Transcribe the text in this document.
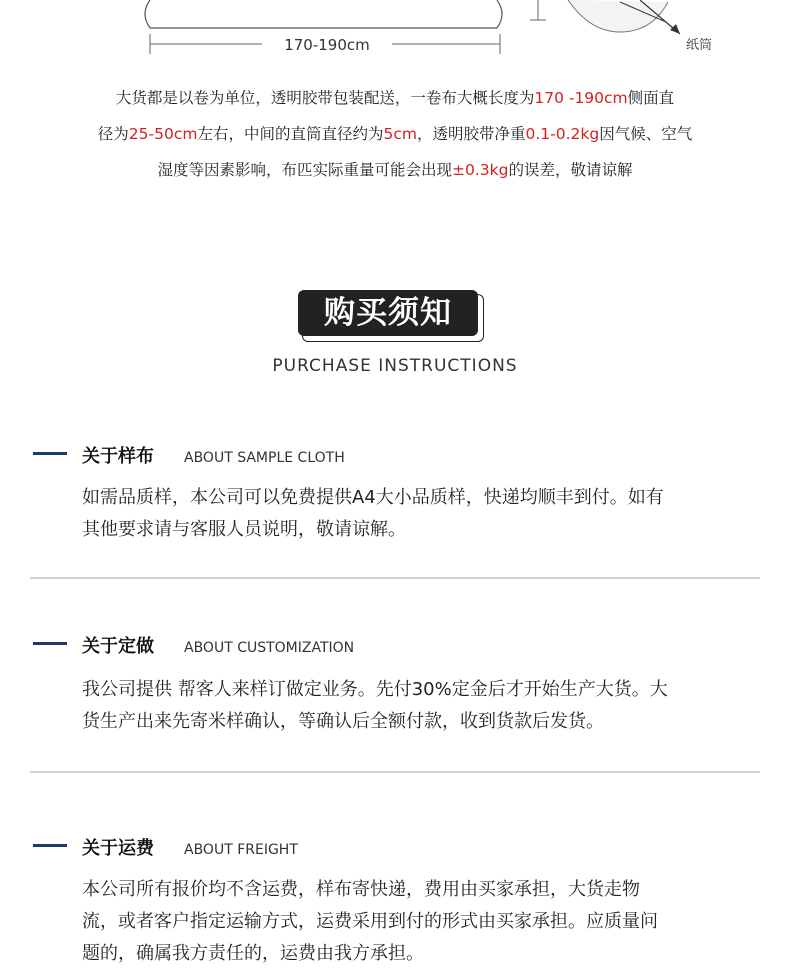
170-190cm	纸筒
大货都是以卷为单位，透明胶带包装配送，一卷布大概长度为170 -190cm侧面直
径为25-50cm左右，中间的直筒直径约为5cm，透明胶带净重0.1-0.2kg因气候、空气
湿度等因素影响，布匹实际重量可能会出现±0.3kg的误差，敬请谅解
购买须知
PURCHASE INSTRUCTIONS
关于样布 ABOUT SAMPLE CLOTH
如需品质样，本公司可以免费提供A4大小品质样，快递均顺丰到付。如有
其他要求请与客服人员说明，敬请谅解。
关于定做 ABOUT CUSTOMIZATION
我公司提供 帮客人来样订做定业务。先付30%定金后才开始生产大货。大
货生产出来先寄米样确认，等确认后全额付款，收到货款后发货。
关于运费 ABOUT FREIGHT
本公司所有报价均不含运费，样布寄快递，费用由买家承担，大货走物
流，或者客户指定运输方式，运费采用到付的形式由买家承担。应质量问
题的，确属我方责任的，运费由我方承担。
